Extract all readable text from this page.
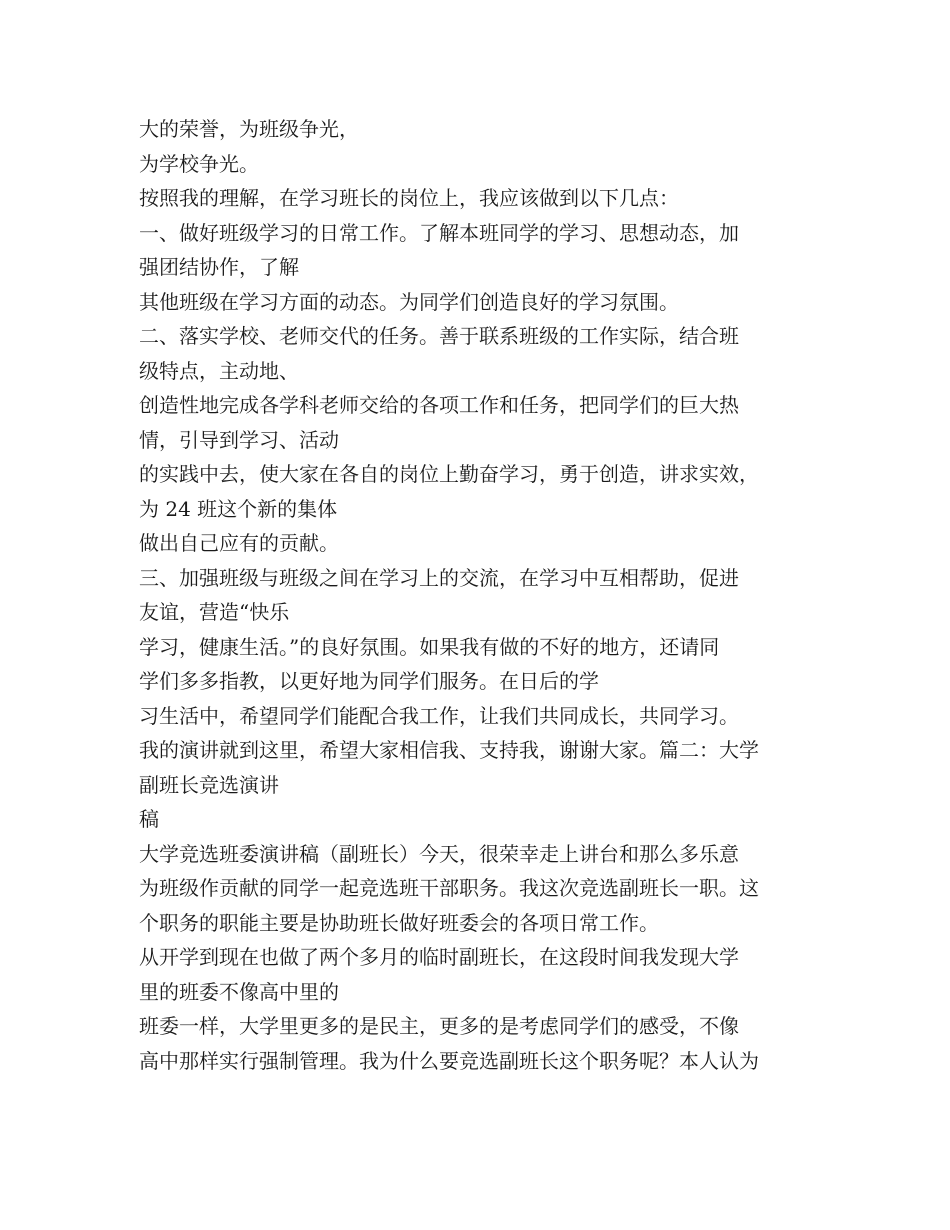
大的荣誉，为班级争光，
为学校争光。
按照我的理解，在学习班长的岗位上，我应该做到以下几点：
一、做好班级学习的日常工作。了解本班同学的学习、思想动态，加
强团结协作，了解
其他班级在学习方面的动态。为同学们创造良好的学习氛围。
二、落实学校、老师交代的任务。善于联系班级的工作实际，结合班
级特点，主动地、
创造性地完成各学科老师交给的各项工作和任务，把同学们的巨大热
情，引导到学习、活动
的实践中去，使大家在各自的岗位上勤奋学习，勇于创造，讲求实效，
为 24 班这个新的集体
做出自己应有的贡献。
三、加强班级与班级之间在学习上的交流，在学习中互相帮助，促进
友谊，营造“快乐
学习，健康生活。”的良好氛围。如果我有做的不好的地方，还请同
学们多多指教，以更好地为同学们服务。在日后的学
习生活中，希望同学们能配合我工作，让我们共同成长，共同学习。
我的演讲就到这里，希望大家相信我、支持我，谢谢大家。篇二：大学
副班长竞选演讲
稿
大学竞选班委演讲稿（副班长）今天，很荣幸走上讲台和那么多乐意
为班级作贡献的同学一起竞选班干部职务。我这次竞选副班长一职。这
个职务的职能主要是协助班长做好班委会的各项日常工作。
从开学到现在也做了两个多月的临时副班长，在这段时间我发现大学
里的班委不像高中里的
班委一样，大学里更多的是民主，更多的是考虑同学们的感受，不像
高中那样实行强制管理。我为什么要竞选副班长这个职务呢？本人认为
